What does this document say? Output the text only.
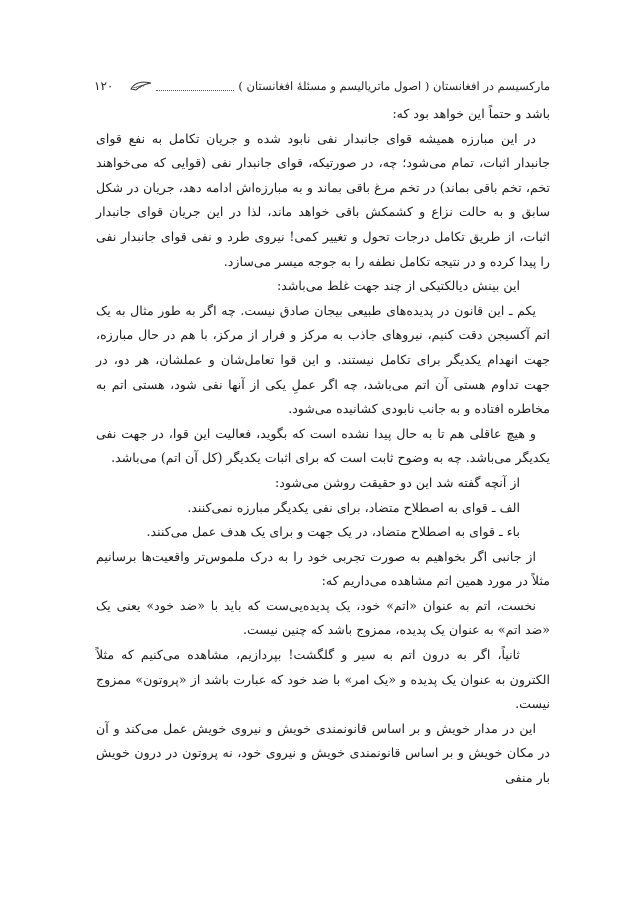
مارکسیسم در افغانستان ( اصول ماتریالیسم و مسئلهٔ افغانستان )
۱۲۰

باشد و حتماً این خواهد بود که:

در این مبارزه همیشه قوای جانبدار نفی نابود شده و جریان تکامل به نفع قوای جانبدار اثبات، تمام می‌شود؛ چه، در صورتیکه، قوای جانبدار نفی (قوایی که می‌خواهند تخم، تخم باقی بماند) در تخم مرغ باقی بماند و به مبارزه‌اش ادامه دهد، جریان در شکل سابق و به حالت نزاع و کشمکش باقی خواهد ماند، لذا در این جریان قوای جانبدار اثبات، از طریق تکامل درجات تحول و تغییر کمی! نیروی طرد و نفی قوای جانبدار نفی را پیدا کرده و در نتیجه تکامل نطفه را به جوجه میسر می‌سازد.

این بینش دیالکتیکی از چند جهت غلط می‌باشد:

یکم ـ این قانون در پدیده‌های طبیعی بیجان صادق نیست. چه اگر به طور مثال به یک اتم آکسیجن دقت کنیم، نیروهای جاذب به مرکز و فرار از مرکز، با هم در حال مبارزه، جهت انهدام یکدیگر برای تکامل نیستند. و این قوا تعامل‌شان و عملشان، هر دو، در جهت تداوم هستی آن اتم می‌باشد، چه اگر عملِ یکی از آنها نفی شود، هستی اتم به مخاطره افتاده و به جانب نابودی کشانیده می‌شود.

و هیچ عاقلی هم تا به حال پیدا نشده است که بگوید، فعالیت این قوا، در جهت نفی یکدیگر می‌باشد. چه به وضوح ثابت است که برای اثبات یکدیگر (کل آن اتم) می‌باشد.

از آنچه گفته شد این دو حقیقت روشن می‌شود:

الف ـ قوای به اصطلاح متضاد، برای نفی یکدیگر مبارزه نمی‌کنند.

باء ـ قوای به اصطلاح متضاد، در یک جهت و برای یک هدف عمل می‌کنند.

از جانبی اگر بخواهیم به صورت تجربی خود را به درک ملموس‌تر واقعیت‌ها برسانیم مثلاً در مورد همین اتم مشاهده می‌داریم که:

نخست، اتم به عنوان «اتم» خود، یک پدیده‌یی‌ست که باید با «ضد خود» یعنی یک «ضد اتم» به عنوان یک پدیده، ممزوج باشد که چنین نیست.

ثانیاً، اگر به درون اتم به سیر و گلگشت! بپردازیم، مشاهده می‌کنیم که مثلاً الکترون به عنوان یک پدیده و «یک امر» با ضد خود که عبارت باشد از «پروتون» ممزوج نیست.

این در مدار خویش و بر اساس قانونمندی خویش و نیروی خویش عمل می‌کند و آن در مکان خویش و بر اساس قانونمندی خویش و نیروی خود، نه پروتون در درون خویش بار منفی
